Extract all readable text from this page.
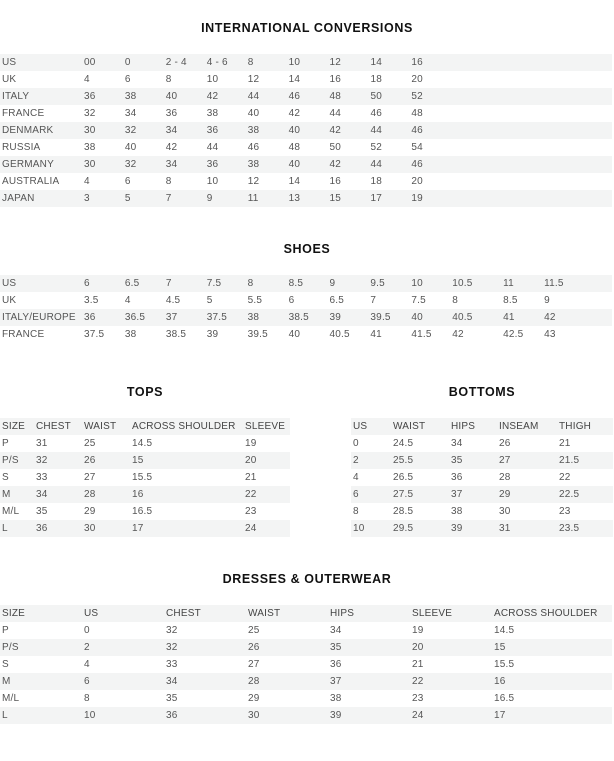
INTERNATIONAL CONVERSIONS
US	00	0	2 - 4	4 - 6	8	10	12	14	16
UK	4	6	8	10	12	14	16	18	20
ITALY	36	38	40	42	44	46	48	50	52
FRANCE	32	34	36	38	40	42	44	46	48
DENMARK	30	32	34	36	38	40	42	44	46
RUSSIA	38	40	42	44	46	48	50	52	54
GERMANY	30	32	34	36	38	40	42	44	46
AUSTRALIA	4	6	8	10	12	14	16	18	20
JAPAN	3	5	7	9	11	13	15	17	19
SHOES
US	6	6.5	7	7.5	8	8.5	9	9.5	10	10.5	11	11.5
UK	3.5	4	4.5	5	5.5	6	6.5	7	7.5	8	8.5	9
ITALY/EUROPE	36	36.5	37	37.5	38	38.5	39	39.5	40	40.5	41	42
FRANCE	37.5	38	38.5	39	39.5	40	40.5	41	41.5	42	42.5	43
TOPS
SIZE	CHEST	WAIST	ACROSS SHOULDER	SLEEVE
P	31	25	14.5	19
P/S	32	26	15	20
S	33	27	15.5	21
M	34	28	16	22
M/L	35	29	16.5	23
L	36	30	17	24
BOTTOMS
US	WAIST	HIPS	INSEAM	THIGH
0	24.5	34	26	21
2	25.5	35	27	21.5
4	26.5	36	28	22
6	27.5	37	29	22.5
8	28.5	38	30	23
10	29.5	39	31	23.5
DRESSES & OUTERWEAR
SIZE	US	CHEST	WAIST	HIPS	SLEEVE	ACROSS SHOULDER
P	0	32	25	34	19	14.5
P/S	2	32	26	35	20	15
S	4	33	27	36	21	15.5
M	6	34	28	37	22	16
M/L	8	35	29	38	23	16.5
L	10	36	30	39	24	17
